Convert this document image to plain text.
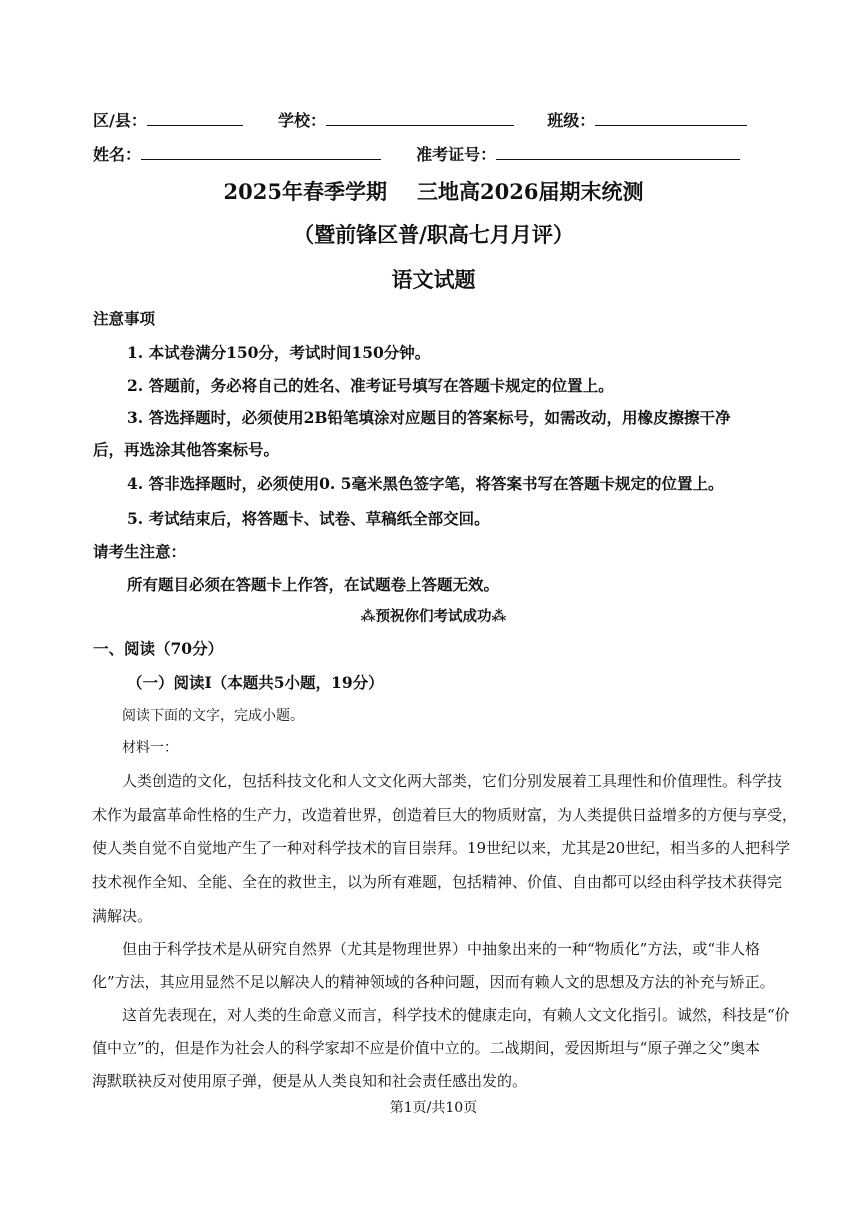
区/县：	学校：	班级：
姓名：	准考证号：
2025年春季学期 三地高2026届期末统测
（暨前锋区普/职高七月月评）
语文试题
注意事项
1. 本试卷满分150分，考试时间150分钟。
2. 答题前，务必将自己的姓名、准考证号填写在答题卡规定的位置上。
3. 答选择题时，必须使用2B铅笔填涂对应题目的答案标号，如需改动，用橡皮擦擦干净
后，再选涂其他答案标号。
4. 答非选择题时，必须使用0. 5毫米黑色签字笔，将答案书写在答题卡规定的位置上。
5. 考试结束后，将答题卡、试卷、草稿纸全部交回。
请考生注意：
所有题目必须在答题卡上作答，在试题卷上答题无效。
⁂预祝你们考试成功⁂
一、阅读（70分）
（一）阅读Ⅰ（本题共5小题，19分）
阅读下面的文字，完成小题。
材料一：
人类创造的文化，包括科技文化和人文文化两大部类，它们分别发展着工具理性和价值理性。科学技
术作为最富革命性格的生产力，改造着世界，创造着巨大的物质财富，为人类提供日益增多的方便与享受，
使人类自觉不自觉地产生了一种对科学技术的盲目崇拜。19世纪以来，尤其是20世纪，相当多的人把科学
技术视作全知、全能、全在的救世主，以为所有难题，包括精神、价值、自由都可以经由科学技术获得完
满解决。
但由于科学技术是从研究自然界（尤其是物理世界）中抽象出来的一种“物质化”方法，或“非人格
化”方法，其应用显然不足以解决人的精神领域的各种问题，因而有赖人文的思想及方法的补充与矫正。
这首先表现在，对人类的生命意义而言，科学技术的健康走向，有赖人文文化指引。诚然，科技是“价
值中立”的，但是作为社会人的科学家却不应是价值中立的。二战期间，爱因斯坦与“原子弹之父”奥本
海默联袂反对使用原子弹，便是从人类良知和社会责任感出发的。
第1页/共10页
